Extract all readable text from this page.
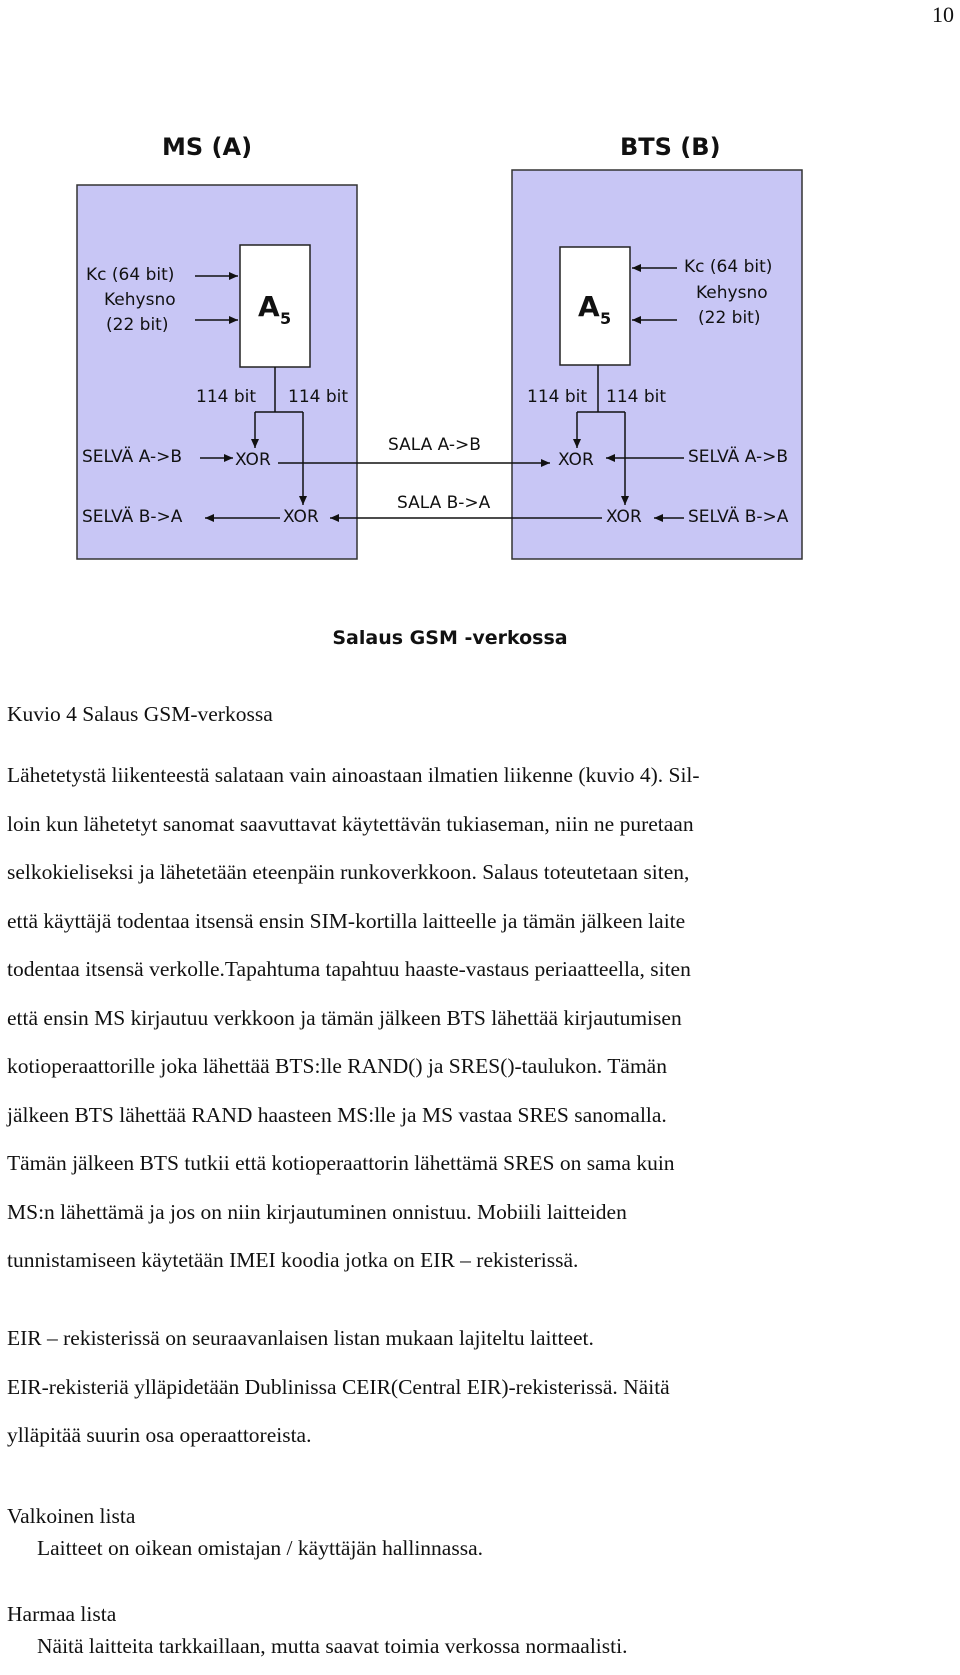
10
MS (A)	BTS (B)
A 5	A 5
Kc (64 bit)
Kehysno
(22 bit)
Kc (64 bit)
Kehysno
(22 bit)
114 bit 114 bit	114 bit 114 bit
SELVÄ A->B	XOR
SELVÄ B->A	XOR
XOR	SELVÄ A->B
XOR	SELVÄ B->A
SALA A->B
SALA B->A
Salaus GSM -verkossa
Kuvio 4 Salaus GSM-verkossa
Lähetetystä liikenteestä salataan vain ainoastaan ilmatien liikenne (kuvio 4). Sil-
loin kun lähetetyt sanomat saavuttavat käytettävän tukiaseman, niin ne puretaan
selkokieliseksi ja lähetetään eteenpäin runkoverkkoon. Salaus toteutetaan siten,
että käyttäjä todentaa itsensä ensin SIM-kortilla laitteelle ja tämän jälkeen laite
todentaa itsensä verkolle.Tapahtuma tapahtuu haaste-vastaus periaatteella, siten
että ensin MS kirjautuu verkkoon ja tämän jälkeen BTS lähettää kirjautumisen
kotioperaattorille joka lähettää BTS:lle RAND() ja SRES()-taulukon. Tämän
jälkeen BTS lähettää RAND haasteen MS:lle ja MS vastaa SRES sanomalla.
Tämän jälkeen BTS tutkii että kotioperaattorin lähettämä SRES on sama kuin
MS:n lähettämä ja jos on niin kirjautuminen onnistuu. Mobiili laitteiden
tunnistamiseen käytetään IMEI koodia jotka on EIR – rekisterissä.
EIR – rekisterissä on seuraavanlaisen listan mukaan lajiteltu laitteet.
EIR-rekisteriä ylläpidetään Dublinissa CEIR(Central EIR)-rekisterissä. Näitä
ylläpitää suurin osa operaattoreista.
Valkoinen lista
Laitteet on oikean omistajan / käyttäjän hallinnassa.
Harmaa lista
Näitä laitteita tarkkaillaan, mutta saavat toimia verkossa normaalisti.
